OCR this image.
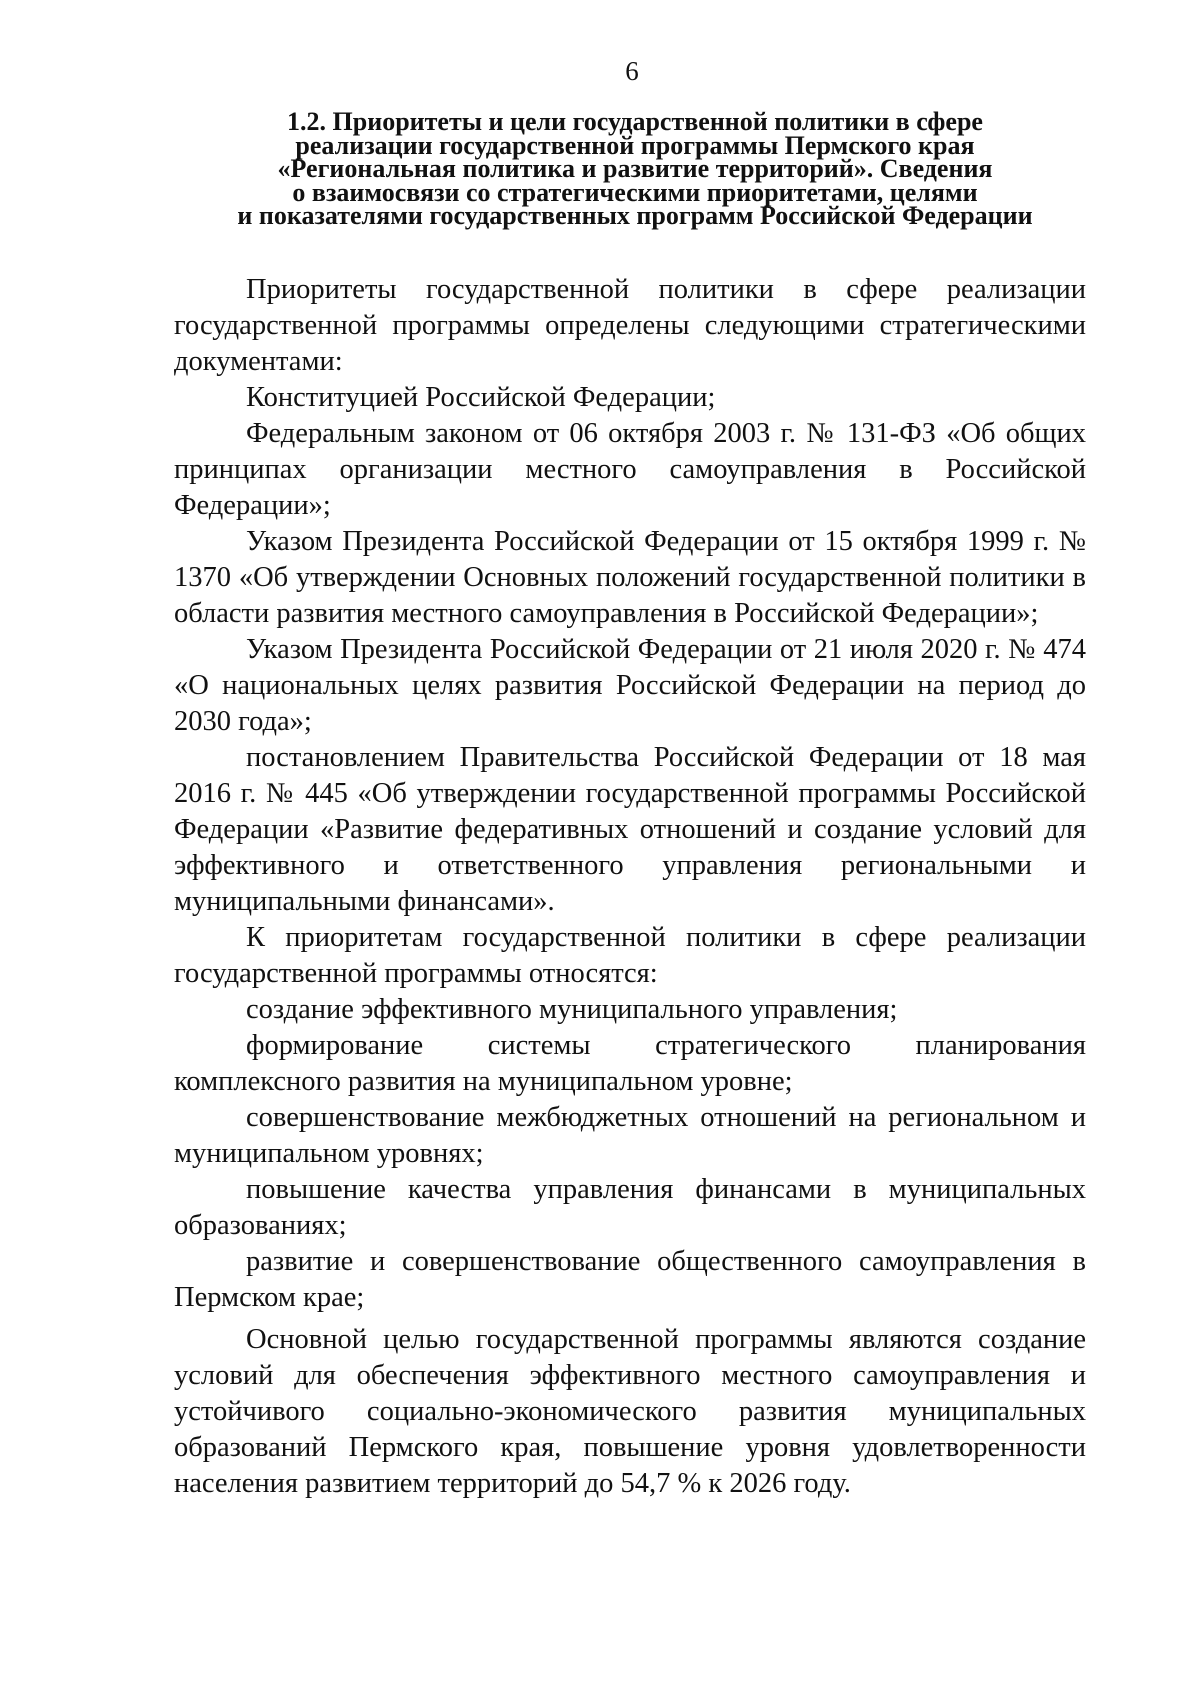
6
1.2. Приоритеты и цели государственной политики в сфере
реализации государственной программы Пермского края
«Региональная политика и развитие территорий». Сведения
о взаимосвязи со стратегическими приоритетами, целями
и показателями государственных программ Российской Федерации

Приоритеты государственной политики в сфере реализации государственной программы определены следующими стратегическими документами:

Конституцией Российской Федерации;

Федеральным законом от 06 октября 2003 г. № 131-ФЗ «Об общих принципах организации местного самоуправления в Российской Федерации»;

Указом Президента Российской Федерации от 15 октября 1999 г. № 1370 «Об утверждении Основных положений государственной политики в области развития местного самоуправления в Российской Федерации»;

Указом Президента Российской Федерации от 21 июля 2020 г. № 474 «О национальных целях развития Российской Федерации на период до 2030 года»;

постановлением Правительства Российской Федерации от 18 мая 2016 г. № 445 «Об утверждении государственной программы Российской Федерации «Развитие федеративных отношений и создание условий для эффективного и ответственного управления региональными и муниципальными финансами».

К приоритетам государственной политики в сфере реализации государственной программы относятся:

создание эффективного муниципального управления;

формирование системы стратегического планирования комплексного развития на муниципальном уровне;

совершенствование межбюджетных отношений на региональном и муниципальном уровнях;

повышение качества управления финансами в муниципальных образованиях;

развитие и совершенствование общественного самоуправления в Пермском крае;

Основной целью государственной программы являются создание условий для обеспечения эффективного местного самоуправления и устойчивого социально-экономического развития муниципальных образований Пермского края, повышение уровня удовлетворенности населения развитием территорий до 54,7 % к 2026 году.
